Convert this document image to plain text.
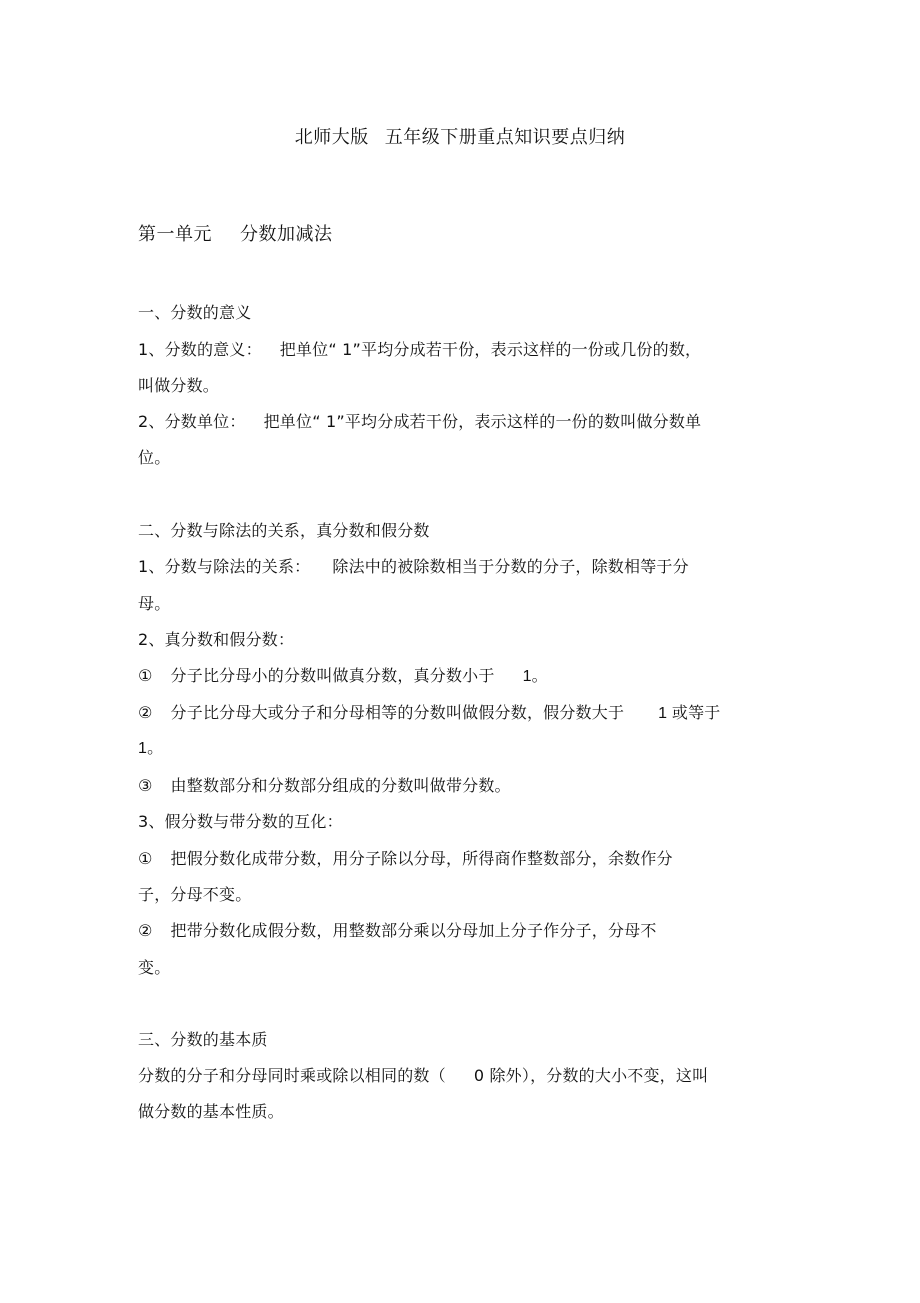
北师大版 五年级下册重点知识要点归纳
第一单元 分数加减法
一、分数的意义
1、分数的意义： 把单位“ 1”平均分成若干份，表示这样的一份或几份的数，
叫做分数。
2、分数单位： 把单位“ 1”平均分成若干份，表示这样的一份的数叫做分数单
位。
二、分数与除法的关系，真分数和假分数
1、分数与除法的关系： 除法中的被除数相当于分数的分子，除数相等于分
母。
2、真分数和假分数：
① 分子比分母小的分数叫做真分数，真分数小于 1。
② 分子比分母大或分子和分母相等的分数叫做假分数，假分数大于 1 或等于
1。
③ 由整数部分和分数部分组成的分数叫做带分数。
3、假分数与带分数的互化：
① 把假分数化成带分数，用分子除以分母，所得商作整数部分，余数作分
子，分母不变。
② 把带分数化成假分数，用整数部分乘以分母加上分子作分子，分母不
变。
三、分数的基本质
分数的分子和分母同时乘或除以相同的数（ 0 除外），分数的大小不变，这叫
做分数的基本性质。
